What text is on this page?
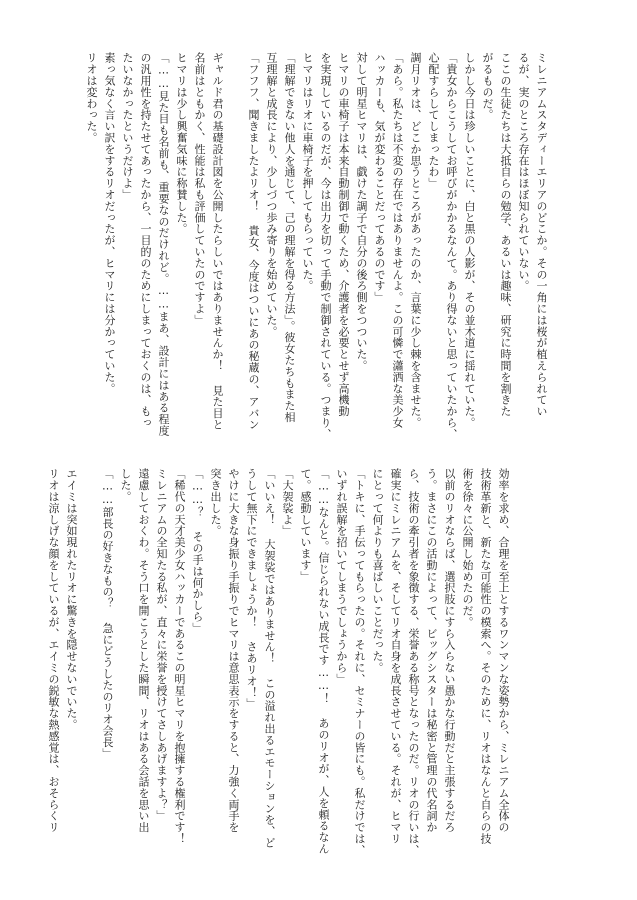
ミレニアムスタディーエリアのどこか。その一角には桜が植えられてい
るが、実のところ存在はほぼ知られていない。
ここの生徒たちは大抵自らの勉学、あるいは趣味、研究に時間を割きた
がるものだ。
しかし今日は珍しいことに、白と黒の人影が、その並木道に揺れていた。
「貴女からこうしてお呼びがかかるなんて。あり得ないと思っていたから、
心配すらしてしまったわ」
調月リオは、どこか思うところがあったのか、言葉に少し棘を含ませた。
「あら。私たちは不変の存在ではありませんよ。この可憐で瀟洒な美少女
ハッカーも、気が変わることだってあるのです」
対して明星ヒマリは、戯けた調子で自分の後ろ側をつついた。
ヒマリの車椅子は本来自動制御で動くため、介護者を必要とせず高機動
を実現しているのだが、今は出力を切って手動で制御されている。つまり、
ヒマリはリオに車椅子を押してもらっていた。
「理解できない他人を通じて、己の理解を得る方法」。彼女たちもまた相
互理解と成長により、少しづつ歩み寄りを始めていた。
「フフフ、聞きましたよリオ！ 貴女、今度はついにあの秘蔵の、アバン
ギャルド君の基礎設計図を公開したらしいではありませんか！ 見た目と
名前はともかく、性能は私も評価していたのですよ」
ヒマリは少し興奮気味に称賛した。
「……見た目も名前も、重要なのだけれど。……まあ、設計にはある程度
の汎用性を持たせてあったから、一目的のためにしまっておくのは、もっ
たいなかったというだけよ」
素っ気なく言い訳をするリオだったが、ヒマリには分かっていた。
リオは変わった。
効率を求め、合理を至上とするワンマンな姿勢から、ミレニアム全体の
技術革新と、新たな可能性の模索へ。そのために、リオはなんと自らの技
術を徐々に公開し始めたのだ。
以前のリオならば、選択肢にすら入らない愚かな行動だと主張するだろ
う。まさにこの活動によって、ビッグシスターは秘密と管理の代名詞か
ら、技術の牽引者を象徴する、栄誉ある称号となったのだ。リオの行いは、
確実にミレニアムを、そしてリオ自身を成長させている。それが、ヒマリ
にとって何よりも喜ばしいことだった。
「トキに、手伝ってもらったの。それに、セミナーの皆にも。私だけでは、
いずれ誤解を招いてしまうでしょうから」
「……なんと。信じられない成長です……！ あのリオが、人を頼るなん
て。感動しています」
「大袈裟よ」
「いいえ！ 大袈裟ではありません！ この溢れ出るエモーションを、ど
うして無下にできましょうか！ さあリオ！」
やけに大きな身振り手振りでヒマリは意思表示をすると、力強く両手を
突き出した。
「……？ その手は何かしら」
「稀代の天才美少女ハッカーであるこの明星ヒマリを抱擁する権利です！
ミレニアムの全知たる私が、直々に栄誉を授けてさしあげますよ？」
遠慮しておくわ。そう口を開こうとした瞬間、リオはある会話を思い出
した。
「……部長の好きなもの？ 急にどうしたのリオ会長」
エイミは突如現れたリオに驚きを隠せないでいた。
リオは涼しげな顔をしているが、エイミの鋭敏な熱感覚は、おそらくリ
